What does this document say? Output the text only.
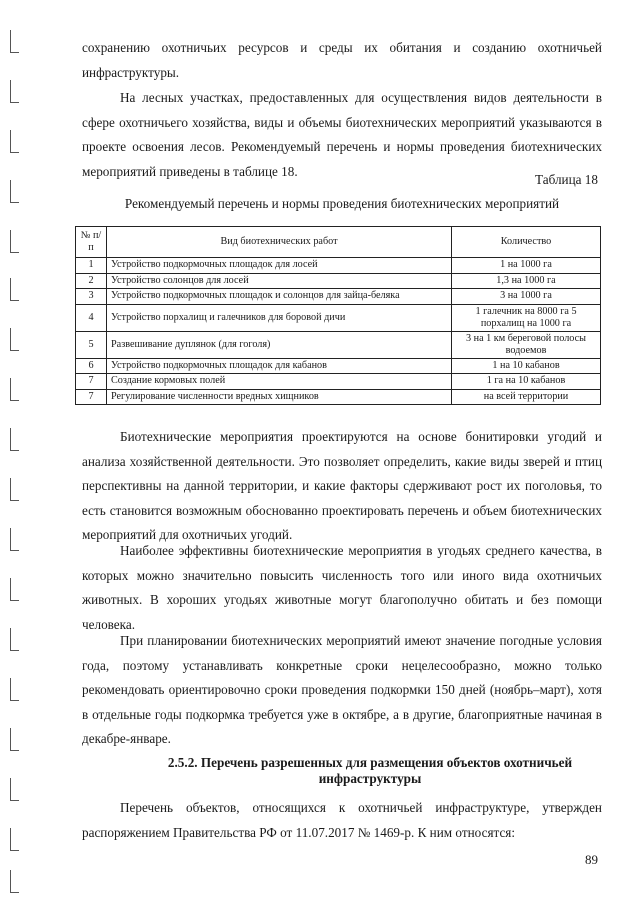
сохранению охотничьих ресурсов и среды их обитания и созданию охотничьей инфраструктуры.

На лесных участках, предоставленных для осуществления видов деятельности в сфере охотничьего хозяйства, виды и объемы биотехнических мероприятий указываются в проекте освоения лесов. Рекомендуемый перечень и нормы проведения биотехнических мероприятий приведены в таблице 18.

Таблица 18
Рекомендуемый перечень и нормы проведения биотехнических мероприятий
№ п/п	Вид биотехнических работ	Количество
1	Устройство подкормочных площадок для лосей	1 на 1000 га
2	Устройство солонцов для лосей	1,3 на 1000 га
3	Устройство подкормочных площадок и солонцов для зайца-беляка	3 на 1000 га
4	Устройство порхалищ и галечников для боровой дичи	1 галечник на 8000 га 5 порхалищ на 1000 га
5	Развешивание дуплянок (для гоголя)	3 на 1 км береговой полосы водоемов
6	Устройство подкормочных площадок для кабанов	1 на 10 кабанов
7	Создание кормовых полей	1 га на 10 кабанов
7	Регулирование численности вредных хищников	на всей территории

Биотехнические мероприятия проектируются на основе бонитировки угодий и анализа хозяйственной деятельности. Это позволяет определить, какие виды зверей и птиц перспективны на данной территории, и какие факторы сдерживают рост их поголовья, то есть становится возможным обоснованно проектировать перечень и объем биотехнических мероприятий для охотничьих угодий.

Наиболее эффективны биотехнические мероприятия в угодьях среднего качества, в которых можно значительно повысить численность того или иного вида охотничьих животных. В хороших угодьях животные могут благополучно обитать и без помощи человека.

При планировании биотехнических мероприятий имеют значение погодные условия года, поэтому устанавливать конкретные сроки нецелесообразно, можно только рекомендовать ориентировочно сроки проведения подкормки 150 дней (ноябрь–март), хотя в отдельные годы подкормка требуется уже в октябре, а в другие, благоприятные начиная в декабре-январе.

2.5.2. Перечень разрешенных для размещения объектов охотничьей инфраструктуры

Перечень объектов, относящихся к охотничьей инфраструктуре, утвержден распоряжением Правительства РФ от 11.07.2017 № 1469-р. К ним относятся:

89
